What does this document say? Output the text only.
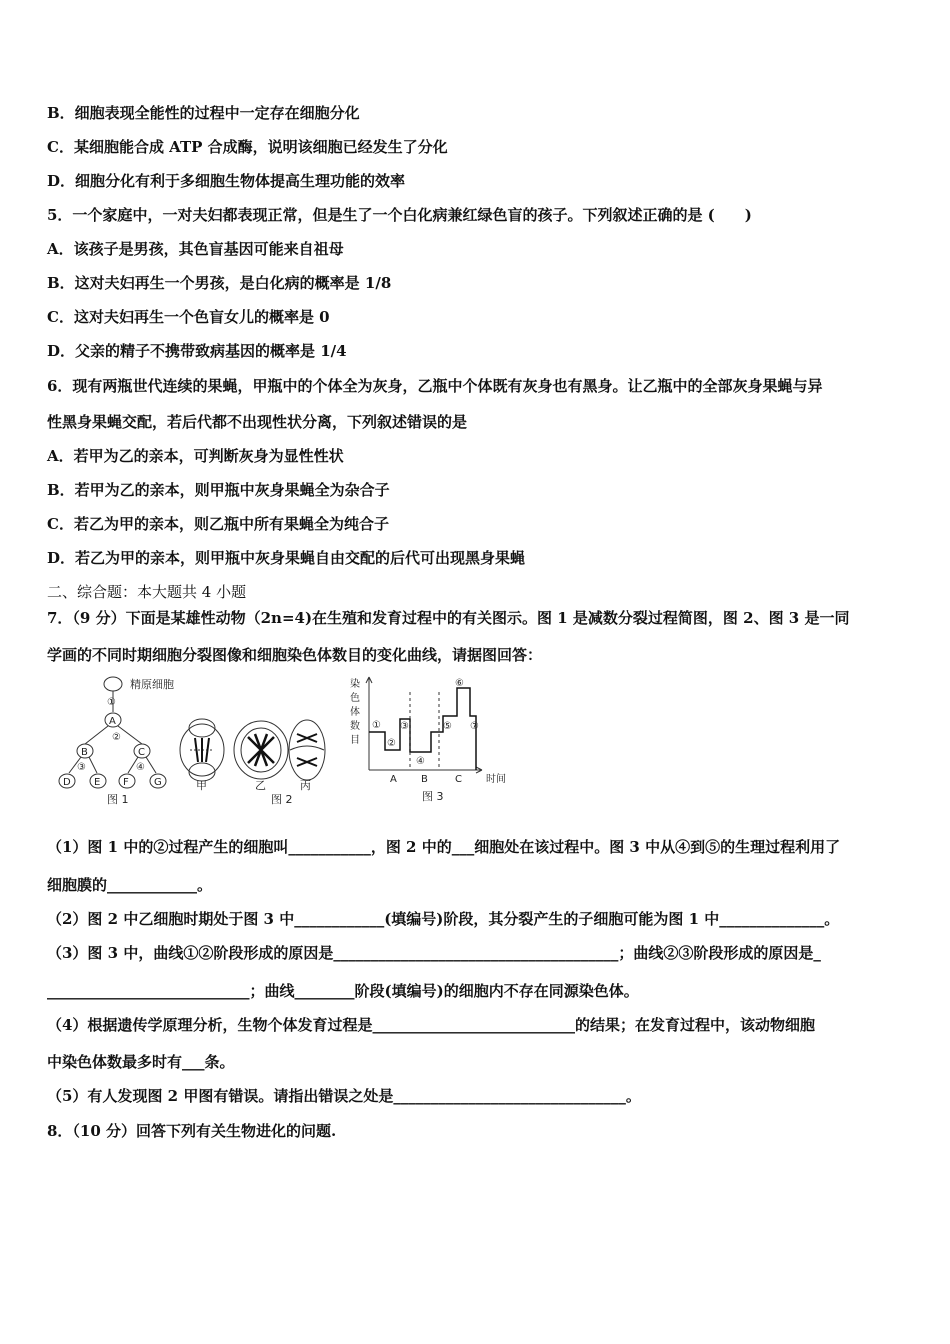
B．细胞表现全能性的过程中一定存在细胞分化
C．某细胞能合成 ATP 合成酶，说明该细胞已经发生了分化
D．细胞分化有利于多细胞生物体提高生理功能的效率
5．一个家庭中，一对夫妇都表现正常，但是生了一个白化病兼红绿色盲的孩子。下列叙述正确的是 (　　)
A．该孩子是男孩，其色盲基因可能来自祖母
B．这对夫妇再生一个男孩，是白化病的概率是 1/8
C．这对夫妇再生一个色盲女儿的概率是 0
D．父亲的精子不携带致病基因的概率是 1/4
6．现有两瓶世代连续的果蝇，甲瓶中的个体全为灰身，乙瓶中个体既有灰身也有黑身。让乙瓶中的全部灰身果蝇与异
性黑身果蝇交配，若后代都不出现性状分离，下列叙述错误的是
A．若甲为乙的亲本，可判断灰身为显性性状
B．若甲为乙的亲本，则甲瓶中灰身果蝇全为杂合子
C．若乙为甲的亲本，则乙瓶中所有果蝇全为纯合子
D．若乙为甲的亲本，则甲瓶中灰身果蝇自由交配的后代可出现黑身果蝇
二、综合题：本大题共 4 小题
7．（9 分）下面是某雄性动物（2n=4)在生殖和发育过程中的有关图示。图 1 是减数分裂过程简图，图 2、图 3 是一同
学画的不同时期细胞分裂图像和细胞染色体数目的变化曲线，请据图回答：
精原细胞
①
A
②
B	C
③	④
D E F	G
图 1
甲	乙	丙
图 2
染
色
体
数
目
①
②
③
④
⑤
⑥
⑦
A B	C 时间
图 3
（1）图 1 中的②过程产生的细胞叫___________，图 2 中的___细胞处在该过程中。图 3 中从④到⑤的生理过程利用了
细胞膜的____________。
（2）图 2 中乙细胞时期处于图 3 中____________(填编号)阶段，其分裂产生的子细胞可能为图 1 中______________。
（3）图 3 中，曲线①②阶段形成的原因是______________________________________；曲线②③阶段形成的原因是_
___________________________；曲线________阶段(填编号)的细胞内不存在同源染色体。
（4）根据遗传学原理分析，生物个体发育过程是___________________________的结果；在发育过程中，该动物细胞
中染色体数最多时有___条。
（5）有人发现图 2 甲图有错误。请指出错误之处是_______________________________。
8．（10 分）回答下列有关生物进化的问题.
